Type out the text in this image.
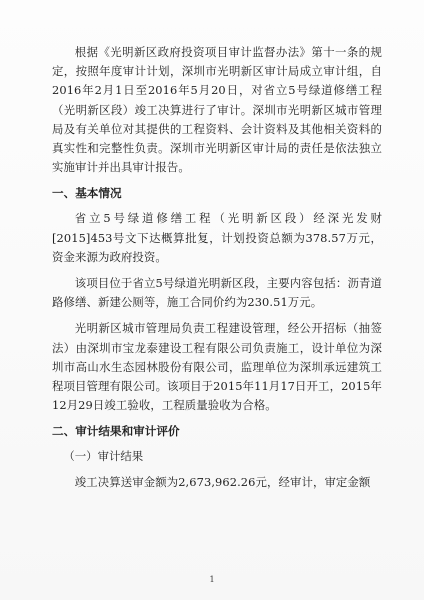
根据《光明新区政府投资项目审计监督办法》第十一条的规定，按照年度审计计划，深圳市光明新区审计局成立审计组，自2016年2月1日至2016年5月20日，对省立5号绿道修缮工程（光明新区段）竣工决算进行了审计。深圳市光明新区城市管理局及有关单位对其提供的工程资料、会计资料及其他相关资料的真实性和完整性负责。深圳市光明新区审计局的责任是依法独立实施审计并出具审计报告。

一、基本情况

省立5号绿道修缮工程（光明新区段）经深光发财[2015]453号文下达概算批复，计划投资总额为378.57万元，资金来源为政府投资。

该项目位于省立5号绿道光明新区段，主要内容包括：沥青道路修缮、新建公厕等，施工合同价约为230.51万元。

光明新区城市管理局负责工程建设管理，经公开招标（抽签法）由深圳市宝龙泰建设工程有限公司负责施工，设计单位为深圳市高山水生态园林股份有限公司，监理单位为深圳承远建筑工程项目管理有限公司。该项目于2015年11月17日开工，2015年12月29日竣工验收，工程质量验收为合格。

二、审计结果和审计评价

（一）审计结果

竣工决算送审金额为2,673,962.26元，经审计，审定金额

1
